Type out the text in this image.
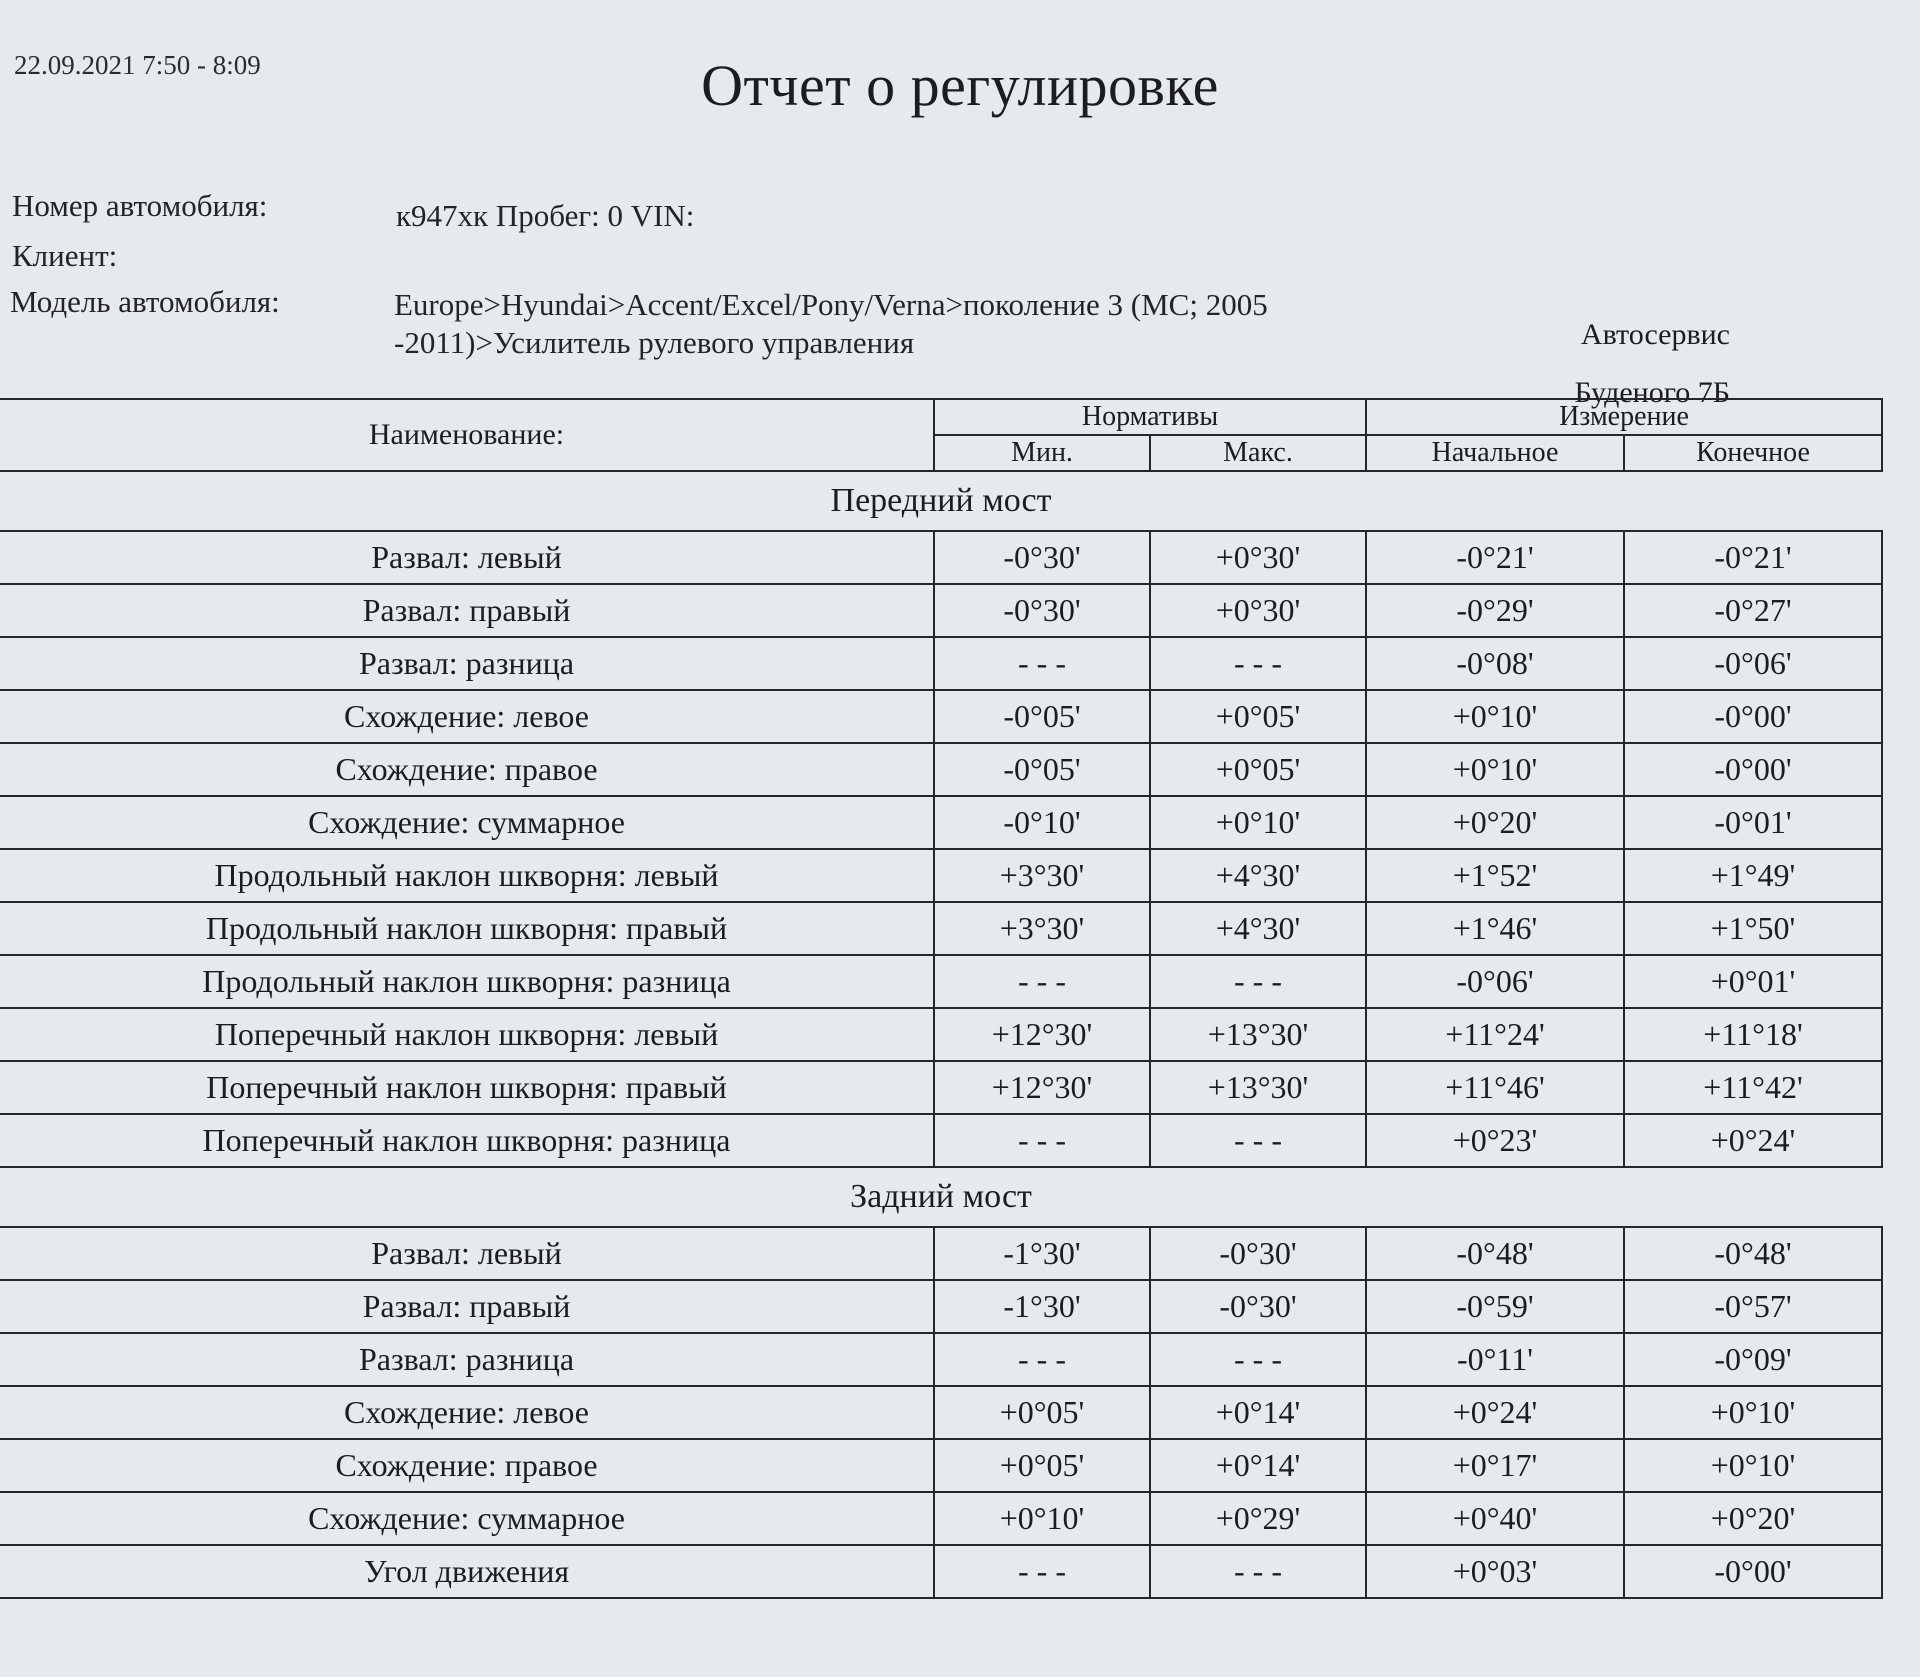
22.09.2021 7:50 - 8:09	Отчет о регулировке
Номер автомобиля:	к947хк Пробег: 0 VIN:
Клиент:
Модель автомобиля:	Europe>Hyundai>Accent/Excel/Pony/Verna>поколение 3 (MC; 2005 -2011)>Усилитель рулевого управления	Автосервис
Буденого 7Б
Наименование:	Нормативы		Измерение	
	Мин.	Макс.	Начальное	Конечное
Передний мост				
Развал: левый	-0°30'	+0°30'	-0°21'	-0°21'
Развал: правый	-0°30'	+0°30'	-0°29'	-0°27'
Развал: разница	- - -	- - -	-0°08'	-0°06'
Схождение: левое	-0°05'	+0°05'	+0°10'	-0°00'
Схождение: правое	-0°05'	+0°05'	+0°10'	-0°00'
Схождение: суммарное	-0°10'	+0°10'	+0°20'	-0°01'
Продольный наклон шкворня: левый	+3°30'	+4°30'	+1°52'	+1°49'
Продольный наклон шкворня: правый	+3°30'	+4°30'	+1°46'	+1°50'
Продольный наклон шкворня: разница	- - -	- - -	-0°06'	+0°01'
Поперечный наклон шкворня: левый	+12°30'	+13°30'	+11°24'	+11°18'
Поперечный наклон шкворня: правый	+12°30'	+13°30'	+11°46'	+11°42'
Поперечный наклон шкворня: разница	- - -	- - -	+0°23'	+0°24'
Задний мост				
Развал: левый	-1°30'	-0°30'	-0°48'	-0°48'
Развал: правый	-1°30'	-0°30'	-0°59'	-0°57'
Развал: разница	- - -	- - -	-0°11'	-0°09'
Схождение: левое	+0°05'	+0°14'	+0°24'	+0°10'
Схождение: правое	+0°05'	+0°14'	+0°17'	+0°10'
Схождение: суммарное	+0°10'	+0°29'	+0°40'	+0°20'
Угол движения	- - -	- - -	+0°03'	-0°00'
